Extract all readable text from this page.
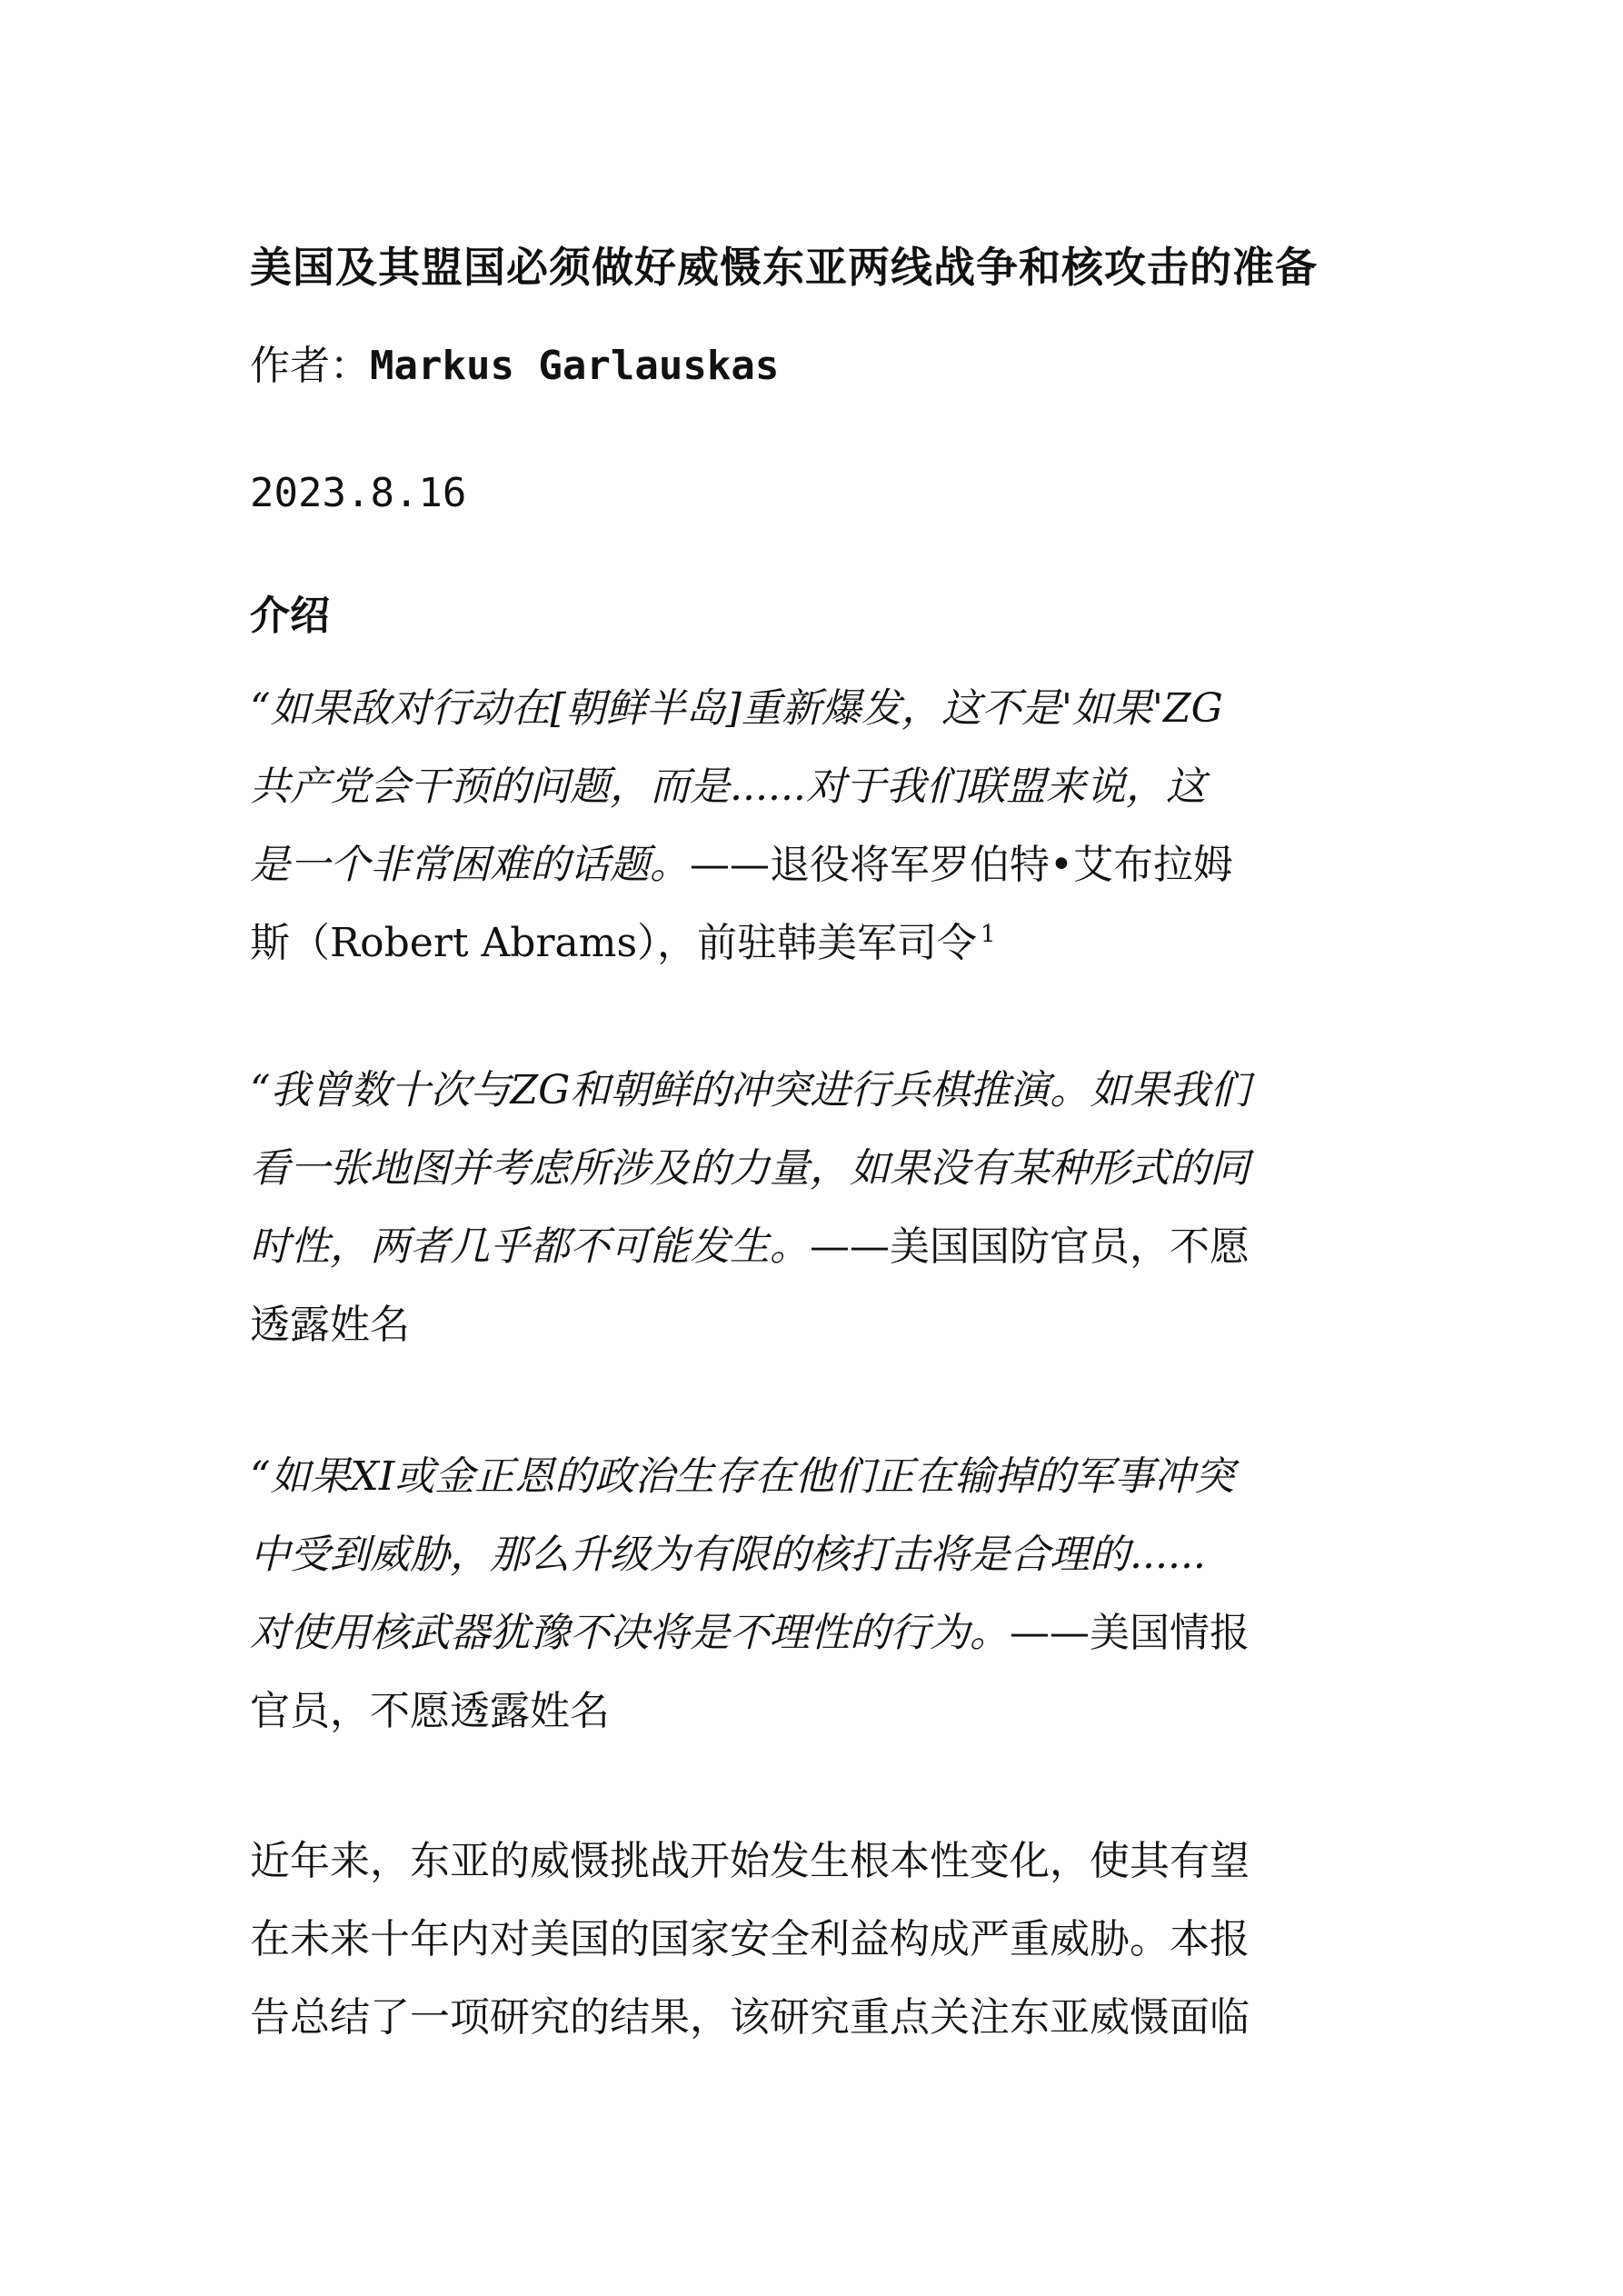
美国及其盟国必须做好威慑东亚两线战争和核攻击的准备
作者：Markus Garlauskas
2023.8.16
介绍
“如果敌对行动在[朝鲜半岛]重新爆发，这不是'如果'ZG
共产党会干预的问题，而是......对于我们联盟来说，这
是一个非常困难的话题。——退役将军罗伯特•艾布拉姆
斯（Robert Abrams），前驻韩美军司令 $^1$
“我曾数十次与ZG和朝鲜的冲突进行兵棋推演。如果我们
看一张地图并考虑所涉及的力量，如果没有某种形式的同
时性，两者几乎都不可能发生。——美国国防官员，不愿
透露姓名
“如果XI或金正恩的政治生存在他们正在输掉的军事冲突
中受到威胁，那么升级为有限的核打击将是合理的......
对使用核武器犹豫不决将是不理性的行为。——美国情报
官员，不愿透露姓名
近年来，东亚的威慑挑战开始发生根本性变化，使其有望
在未来十年内对美国的国家安全利益构成严重威胁。本报
告总结了一项研究的结果，该研究重点关注东亚威慑面临
